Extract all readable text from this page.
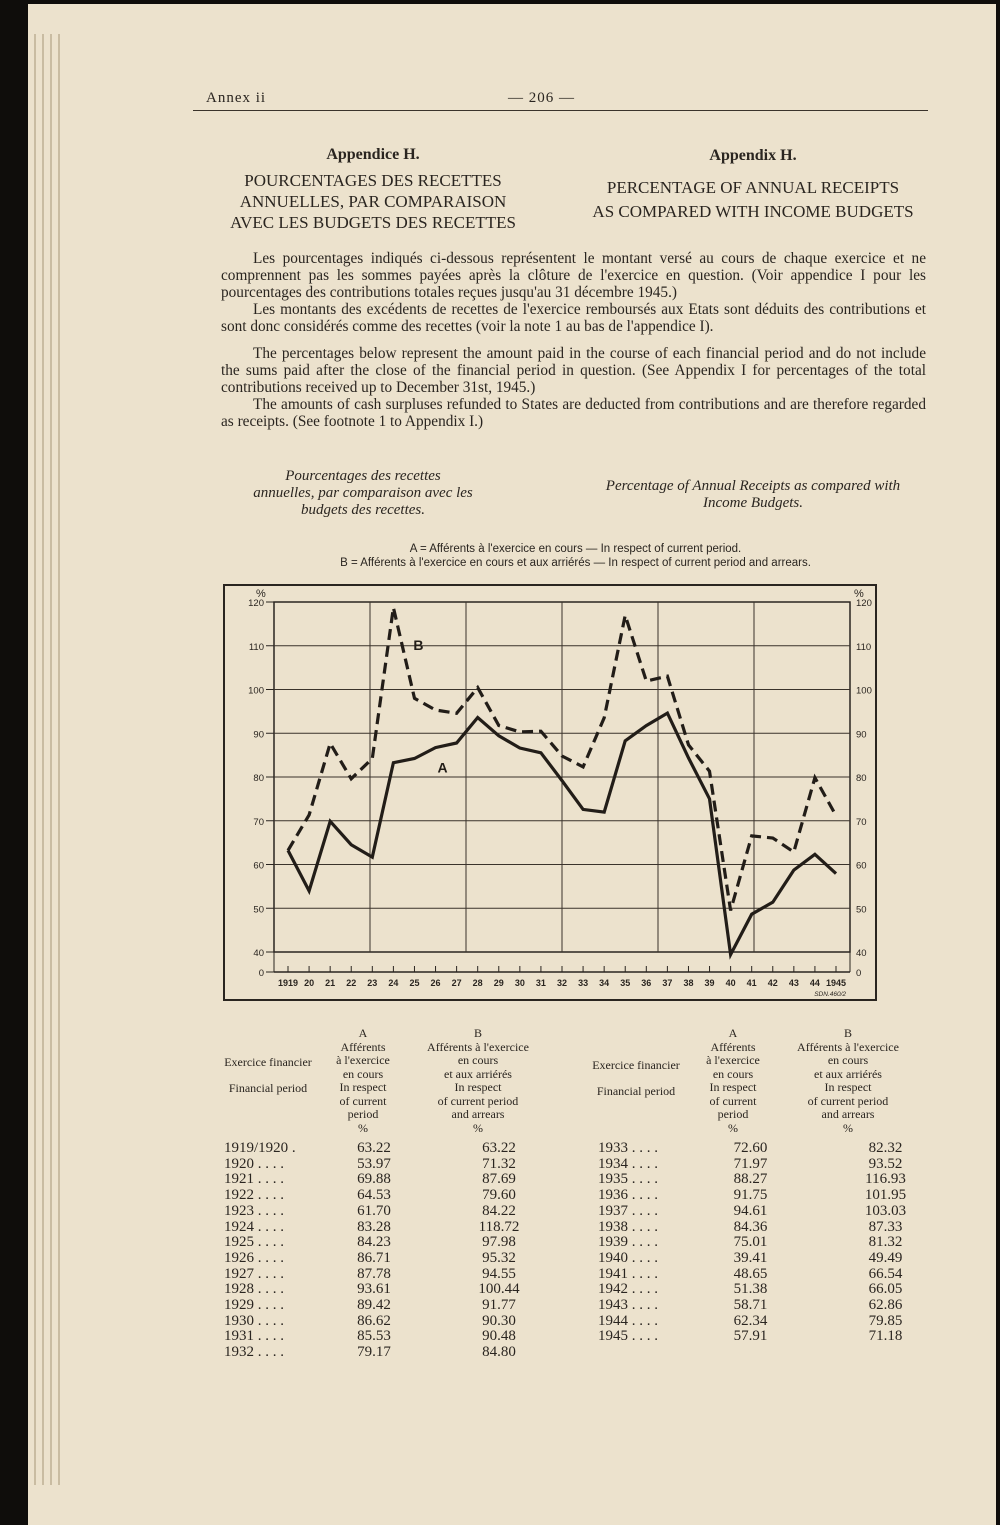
Annex ii	— 206 —
Appendice H.	Appendix H.
POURCENTAGES DES RECETTES
ANNUELLES, PAR COMPARAISON
AVEC LES BUDGETS DES RECETTES
PERCENTAGE OF ANNUAL RECEIPTS
AS COMPARED WITH INCOME BUDGETS

Les pourcentages indiqués ci-dessous représentent le montant versé au cours de chaque exercice et ne comprennent pas les sommes payées après la clôture de l'exercice en question. (Voir appendice I pour les pourcentages des contributions totales reçues jusqu'au 31 décembre 1945.)

Les montants des excédents de recettes de l'exercice remboursés aux Etats sont déduits des contributions et sont donc considérés comme des recettes (voir la note 1 au bas de l'appendice I).

The percentages below represent the amount paid in the course of each financial period and do not include the sums paid after the close of the financial period in question. (See Appendix I for percentages of the total contributions received up to December 31st, 1945.)

The amounts of cash surpluses refunded to States are deducted from contributions and are therefore regarded as receipts. (See footnote 1 to Appendix I.)

Pourcentages des recettes annuelles, par comparaison avec les budgets des recettes.
Percentage of Annual Receipts as compared with Income Budgets.
A = Afférents à l'exercice en cours — In respect of current period.
B = Afférents à l'exercice en cours et aux arriérés — In respect of current period and arrears.
0
40
50
60
70
80
90
100
110
120
0
40
50
60
70
80
90
100
110
120
1919 20 21 22 23 24 25 26 27 28 29 30 31 32 33 34 35 36 37 38 39 40 41 42 43 44 1945
%	%
SDN.460/2
B
A
Exercice financier
Financial period
A
Afférents
à l'exercice
en cours
In respect
of current
period
%
B
Afférents à l'exercice
en cours
et aux arriérés
In respect
of current period
and arrears
%
Exercice financier
Financial period
A
Afférents
à l'exercice
en cours
In respect
of current
period
%
B
Afférents à l'exercice
en cours
et aux arriérés
In respect
of current period
and arrears
%
1919/1920 .	63.22	63.22
1920 . . . .	53.97	71.32
1921 . . . .	69.88	87.69
1922 . . . .	64.53	79.60
1923 . . . .	61.70	84.22
1924 . . . .	83.28	118.72
1925 . . . .	84.23	97.98
1926 . . . .	86.71	95.32
1927 . . . .	87.78	94.55
1928 . . . .	93.61	100.44
1929 . . . .	89.42	91.77
1930 . . . .	86.62	90.30
1931 . . . .	85.53	90.48
1932 . . . .	79.17	84.80
1933 . . . .	72.60	82.32
1934 . . . .	71.97	93.52
1935 . . . .	88.27	116.93
1936 . . . .	91.75	101.95
1937 . . . .	94.61	103.03
1938 . . . .	84.36	87.33
1939 . . . .	75.01	81.32
1940 . . . .	39.41	49.49
1941 . . . .	48.65	66.54
1942 . . . .	51.38	66.05
1943 . . . .	58.71	62.86
1944 . . . .	62.34	79.85
1945 . . . .	57.91	71.18
